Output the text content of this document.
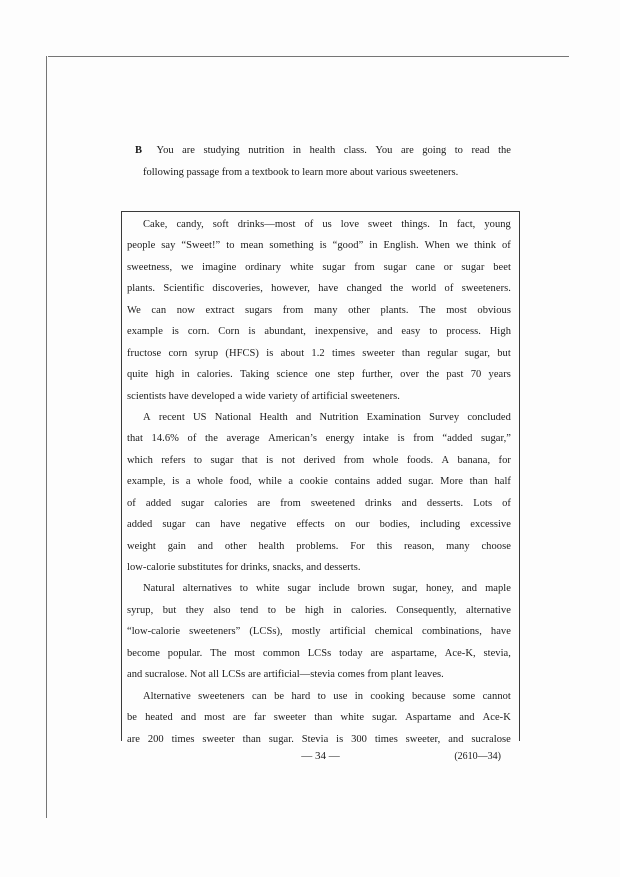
B You are studying nutrition in health class. You are going to read the
following passage from a textbook to learn more about various sweeteners.
Cake, candy, soft drinks—most of us love sweet things. In fact, young
people say “Sweet!” to mean something is “good” in English. When we think of
sweetness, we imagine ordinary white sugar from sugar cane or sugar beet
plants. Scientific discoveries, however, have changed the world of sweeteners.
We can now extract sugars from many other plants. The most obvious
example is corn. Corn is abundant, inexpensive, and easy to process. High
fructose corn syrup (HFCS) is about 1.2 times sweeter than regular sugar, but
quite high in calories. Taking science one step further, over the past 70 years
scientists have developed a wide variety of artificial sweeteners.
A recent US National Health and Nutrition Examination Survey concluded
that 14.6% of the average American’s energy intake is from “added sugar,”
which refers to sugar that is not derived from whole foods. A banana, for
example, is a whole food, while a cookie contains added sugar. More than half
of added sugar calories are from sweetened drinks and desserts. Lots of
added sugar can have negative effects on our bodies, including excessive
weight gain and other health problems. For this reason, many choose
low-calorie substitutes for drinks, snacks, and desserts.
Natural alternatives to white sugar include brown sugar, honey, and maple
syrup, but they also tend to be high in calories. Consequently, alternative
“low-calorie sweeteners” (LCSs), mostly artificial chemical combinations, have
become popular. The most common LCSs today are aspartame, Ace-K, stevia,
and sucralose. Not all LCSs are artificial—stevia comes from plant leaves.
Alternative sweeteners can be hard to use in cooking because some cannot
be heated and most are far sweeter than white sugar. Aspartame and Ace-K
are 200 times sweeter than sugar. Stevia is 300 times sweeter, and sucralose
— 34 —	(2610—34)
